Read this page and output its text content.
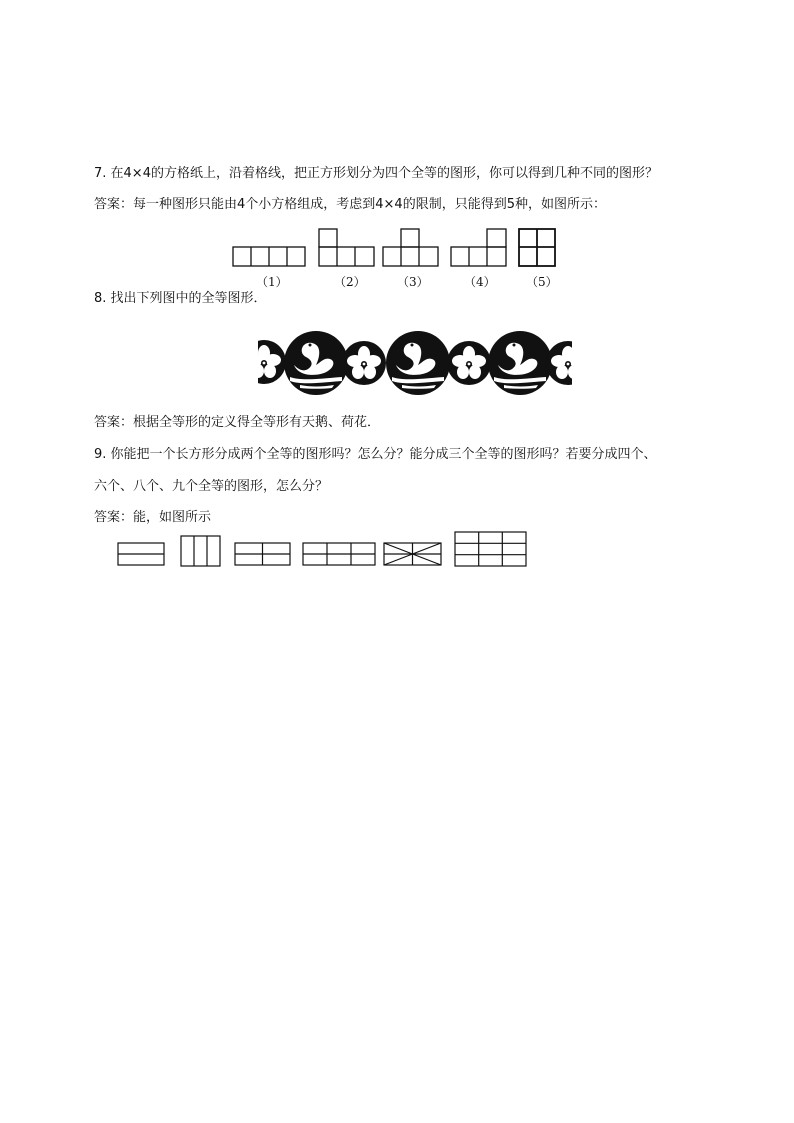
7. 在4×4的方格纸上，沿着格线，把正方形划分为四个全等的图形，你可以得到几种不同的图形？
答案：每一种图形只能由4个小方格组成，考虑到4×4的限制，只能得到5种，如图所示：
（1）	（2）	（3）	（4）	（5）
8. 找出下列图中的全等图形．
答案：根据全等形的定义得全等形有天鹅、荷花．
9. 你能把一个长方形分成两个全等的图形吗？怎么分？能分成三个全等的图形吗？若要分成四个、
六个、八个、九个全等的图形，怎么分？
答案：能，如图所示
